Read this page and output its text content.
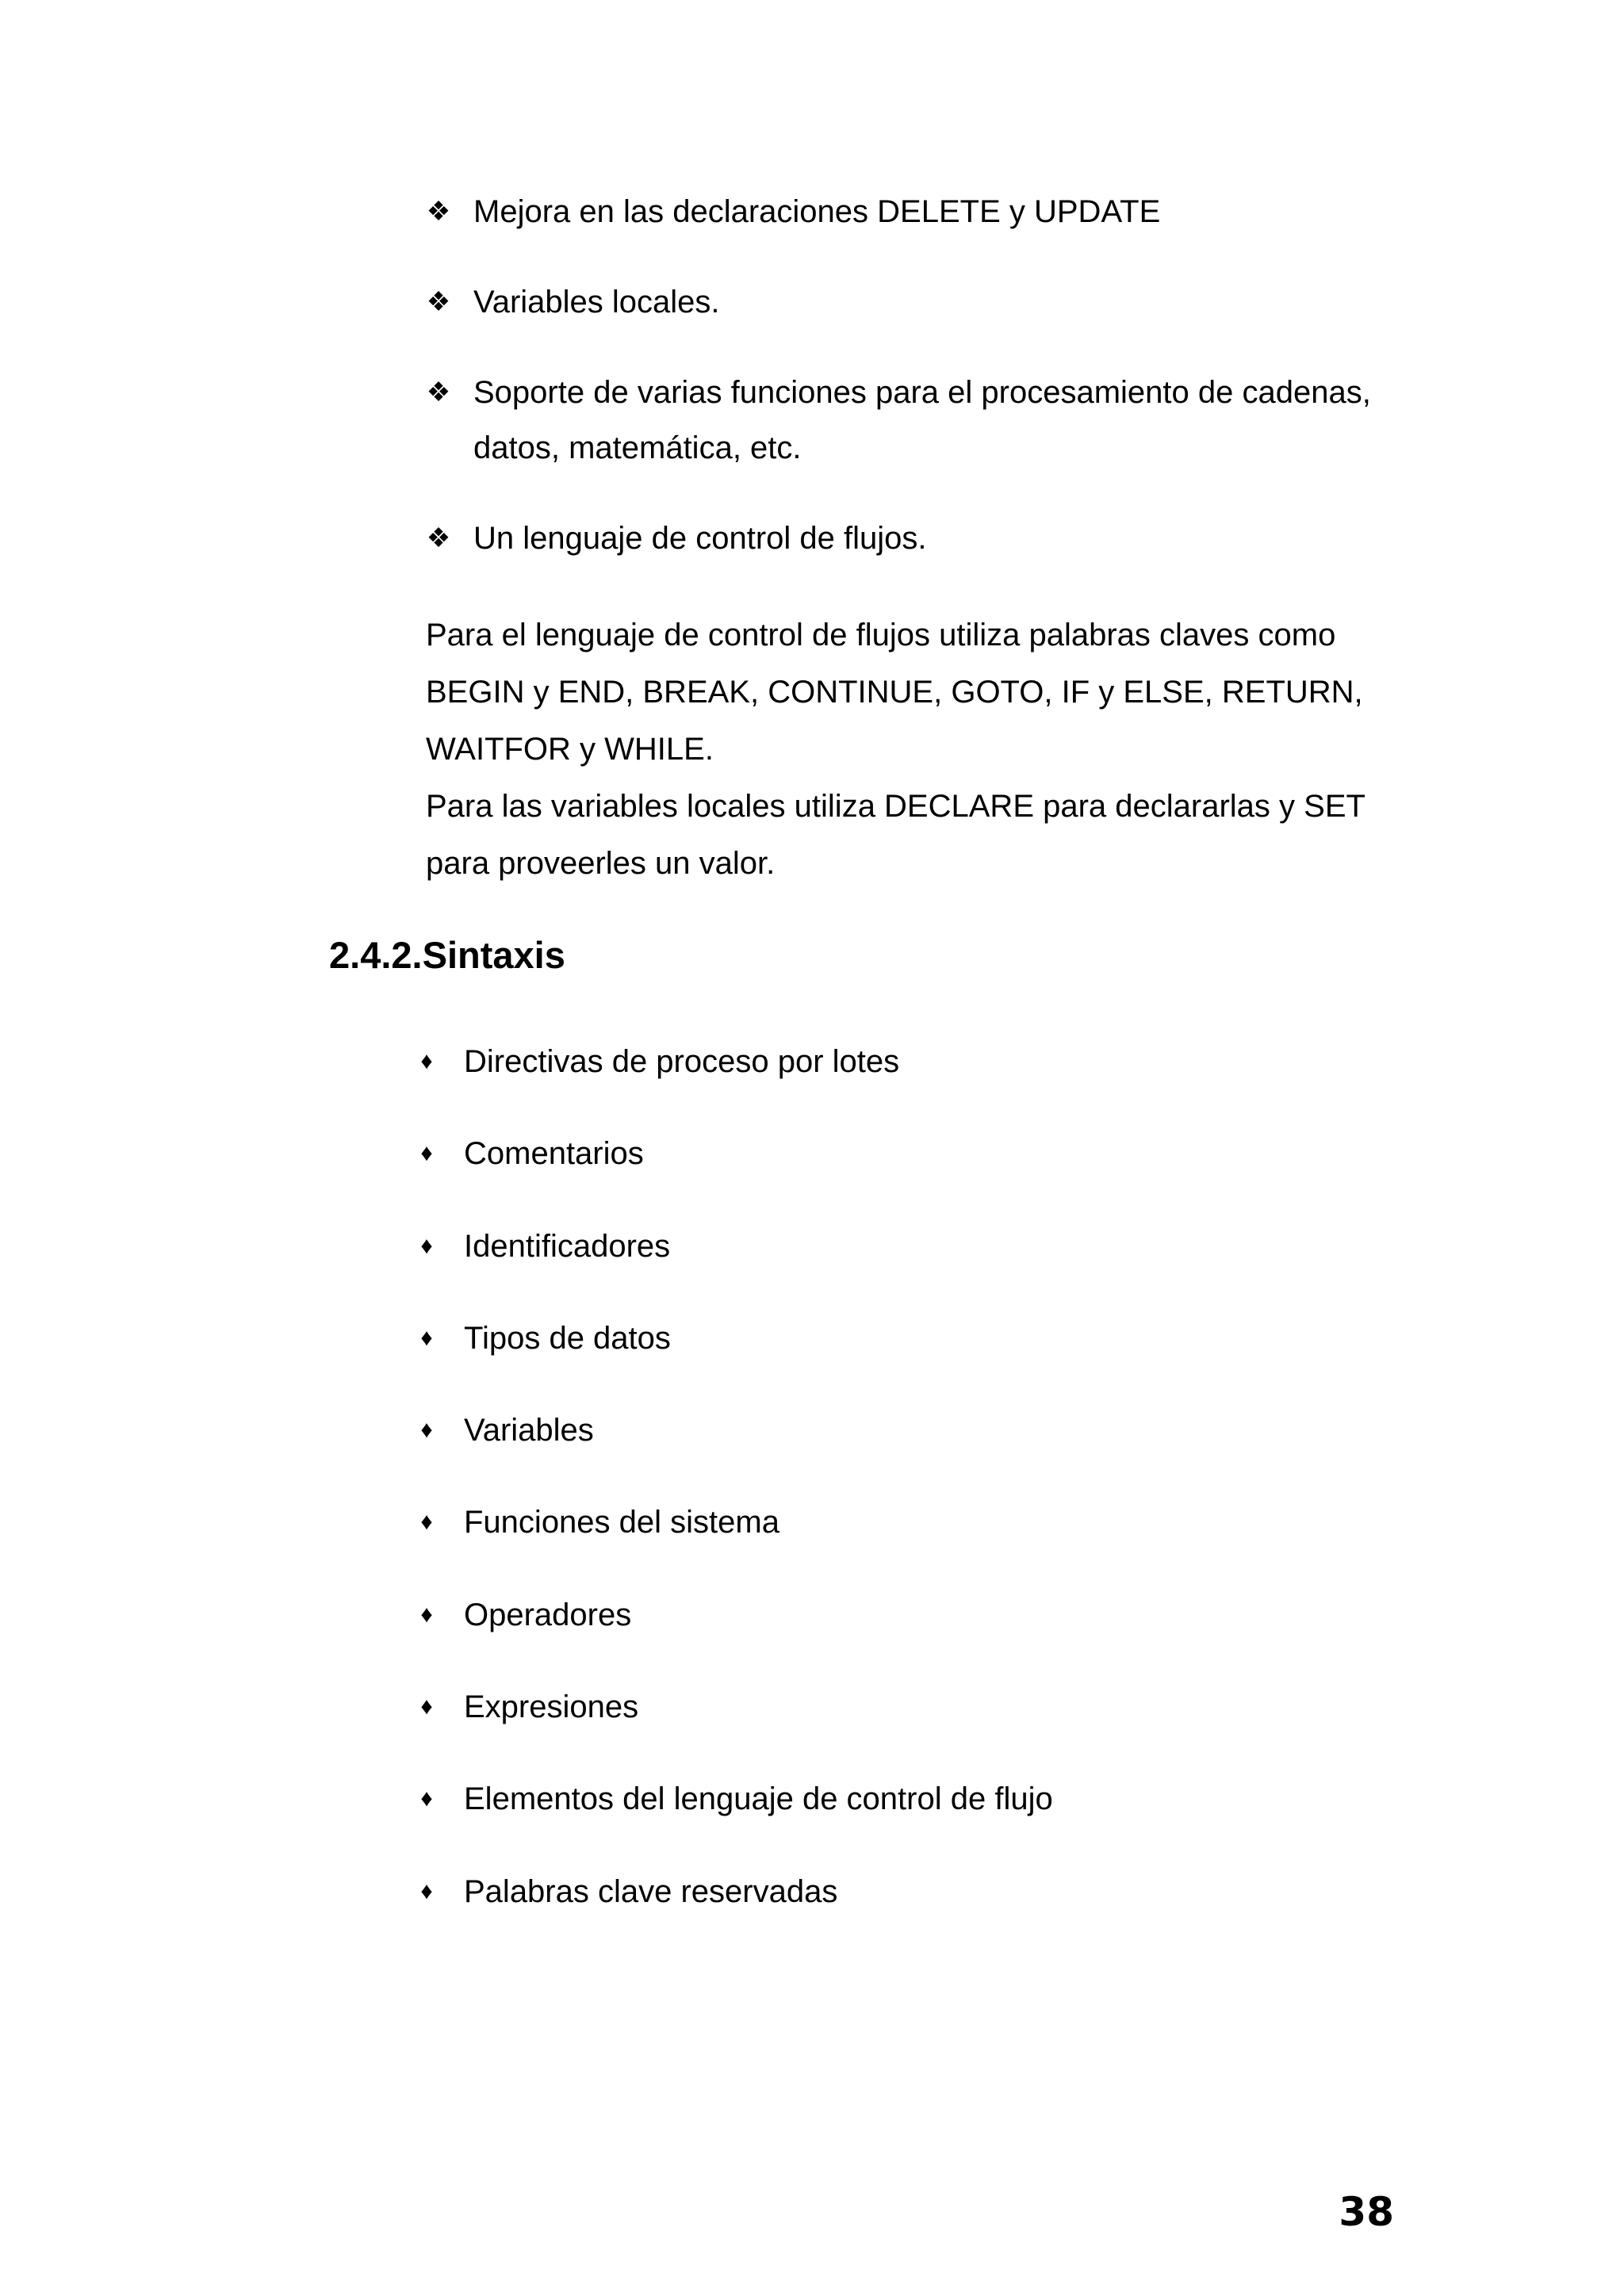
❖ Mejora en las declaraciones DELETE y UPDATE
❖ Variables locales.
❖ Soporte de varias funciones para el procesamiento de cadenas, datos, matemática, etc.
❖ Un lenguaje de control de flujos.

Para el lenguaje de control de flujos utiliza palabras claves como BEGIN y END, BREAK, CONTINUE, GOTO, IF y ELSE, RETURN, WAITFOR y WHILE.

Para las variables locales utiliza DECLARE para declararlas y SET para proveerles un valor.

2.4.2.Sintaxis
♦ Directivas de proceso por lotes
♦ Comentarios
♦ Identificadores
♦ Tipos de datos
♦ Variables
♦ Funciones del sistema
♦ Operadores
♦ Expresiones
♦ Elementos del lenguaje de control de flujo
♦ Palabras clave reservadas
38
